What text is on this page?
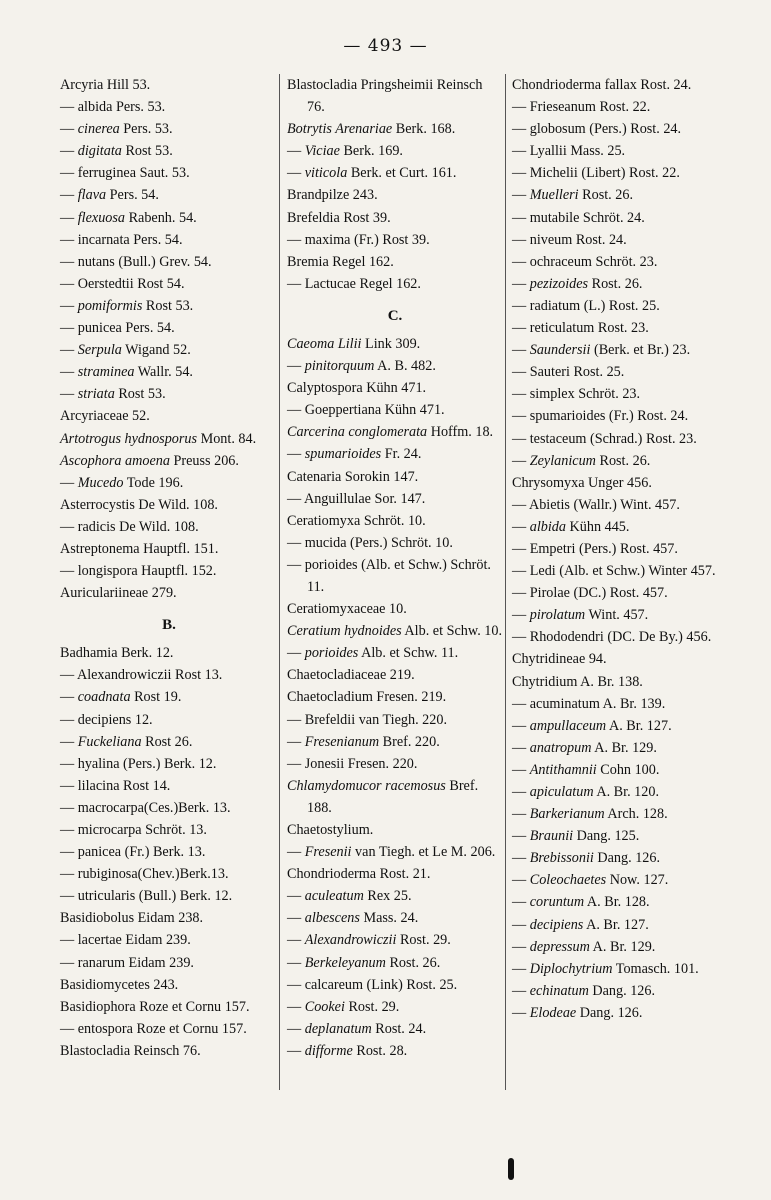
— 493 —
Arcyria Hill 53.
— albida Pers. 53.
— cinerea Pers. 53.
— digitata Rost 53.
— ferruginea Saut. 53.
— flava Pers. 54.
— flexuosa Rabenh. 54.
— incarnata Pers. 54.
— nutans (Bull.) Grev. 54.
— Oerstedtii Rost 54.
— pomiformis Rost 53.
— punicea Pers. 54.
— Serpula Wigand 52.
— straminea Wallr. 54.
— striata Rost 53.
Arcyriaceae 52.
Artotrogus hydnosporus Mont. 84.
Ascophora amoena Preuss 206.
— Mucedo Tode 196.
Asterrocystis De Wild. 108.
— radicis De Wild. 108.
Astreptonema Hauptfl. 151.
— longispora Hauptfl. 152.
Auriculariineae 279.
B.
Badhamia Berk. 12.
— Alexandrowiczii Rost 13.
— coadnata Rost 19.
— decipiens 12.
— Fuckeliana Rost 26.
— hyalina (Pers.) Berk. 12.
— lilacina Rost 14.
— macrocarpa(Ces.)Berk. 13.
— microcarpa Schröt. 13.
— panicea (Fr.) Berk. 13.
— rubiginosa(Chev.)Berk.13.
— utricularis (Bull.) Berk. 12.
Basidiobolus Eidam 238.
— lacertae Eidam 239.
— ranarum Eidam 239.
Basidiomycetes 243.
Basidiophora Roze et Cornu 157.
— entospora Roze et Cornu 157.
Blastocladia Reinsch 76.
Blastocladia Pringsheimii Reinsch 76.
Botrytis Arenariae Berk. 168.
— Viciae Berk. 169.
— viticola Berk. et Curt. 161.
Brandpilze 243.
Brefeldia Rost 39.
— maxima (Fr.) Rost 39.
Bremia Regel 162.
— Lactucae Regel 162.
C.
Caeoma Lilii Link 309.
— pinitorquum A. B. 482.
Calyptospora Kühn 471.
— Goeppertiana Kühn 471.
Carcerina conglomerata Hoffm. 18.
— spumarioides Fr. 24.
Catenaria Sorokin 147.
— Anguillulae Sor. 147.
Ceratiomyxa Schröt. 10.
— mucida (Pers.) Schröt. 10.
— porioides (Alb. et Schw.) Schröt. 11.
Ceratiomyxaceae 10.
Ceratium hydnoides Alb. et Schw. 10.
— porioides Alb. et Schw. 11.
Chaetocladiaceae 219.
Chaetocladium Fresen. 219.
— Brefeldii van Tiegh. 220.
— Fresenianum Bref. 220.
— Jonesii Fresen. 220.
Chlamydomucor racemosus Bref. 188.
Chaetostylium.
— Fresenii van Tiegh. et Le M. 206.
Chondrioderma Rost. 21.
— aculeatum Rex 25.
— albescens Mass. 24.
— Alexandrowiczii Rost. 29.
— Berkeleyanum Rost. 26.
— calcareum (Link) Rost. 25.
— Cookei Rost. 29.
— deplanatum Rost. 24.
— difforme Rost. 28.
Chondrioderma fallax Rost. 24.
— Frieseanum Rost. 22.
— globosum (Pers.) Rost. 24.
— Lyallii Mass. 25.
— Michelii (Libert) Rost. 22.
— Muelleri Rost. 26.
— mutabile Schröt. 24.
— niveum Rost. 24.
— ochraceum Schröt. 23.
— pezizoides Rost. 26.
— radiatum (L.) Rost. 25.
— reticulatum Rost. 23.
— Saundersii (Berk. et Br.) 23.
— Sauteri Rost. 25.
— simplex Schröt. 23.
— spumarioides (Fr.) Rost. 24.
— testaceum (Schrad.) Rost. 23.
— Zeylanicum Rost. 26.
Chrysomyxa Unger 456.
— Abietis (Wallr.) Wint. 457.
— albida Kühn 445.
— Empetri (Pers.) Rost. 457.
— Ledi (Alb. et Schw.) Winter 457.
— Pirolae (DC.) Rost. 457.
— pirolatum Wint. 457.
— Rhododendri (DC. De By.) 456.
Chytridineae 94.
Chytridium A. Br. 138.
— acuminatum A. Br. 139.
— ampullaceum A. Br. 127.
— anatropum A. Br. 129.
— Antithamnii Cohn 100.
— apiculatum A. Br. 120.
— Barkerianum Arch. 128.
— Braunii Dang. 125.
— Brebissonii Dang. 126.
— Coleochaetes Now. 127.
— coruntum A. Br. 128.
— decipiens A. Br. 127.
— depressum A. Br. 129.
— Diplochytrium Tomasch. 101.
— echinatum Dang. 126.
— Elodeae Dang. 126.
